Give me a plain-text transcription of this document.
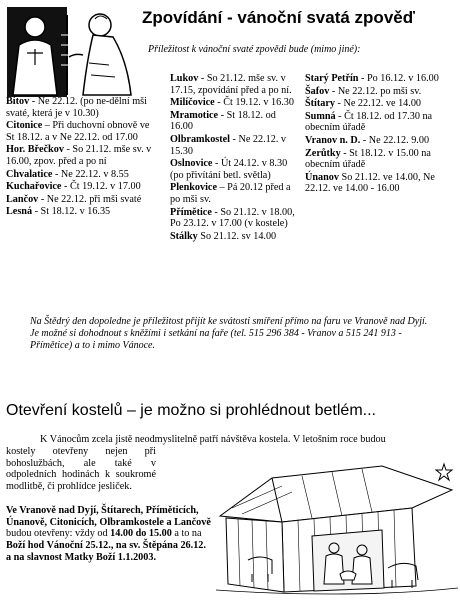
Zpovídání - vánoční svatá zpověď
Příležitost k vánoční svaté zpovědi bude (mimo jiné):
Bítov - Ne 22.12. (po ne-dělní mši svaté, která je v 10.30)
Citonice – Při duchovní obnově ve St 18.12. a v Ne 22.12. od 17.00
Hor. Břečkov - So 21.12. mše sv. v 16.00, zpov. před a po ní
Chvalatice - Ne 22.12. v 8.55
Kuchařovice - Čt 19.12. v 17.00
Lančov - Ne 22.12. při mši svaté
Lesná - St 18.12. v 16.35
Lukov - So 21.12. mše sv. v 17.15, zpovídání před a po ní.
Milíčovice - Čt 19.12. v 16.30
Mramotice - St 18.12. od 16.00
Olbramkostel - Ne 22.12. v 15.30
Oslnovice - Út 24.12. v 8.30 (po přivítání betl. světla)
Plenkovice – Pá 20.12 před a po mši sv.
Přímětice - So 21.12. v 18.00, Po 23.12. v 17.00 (v kostele)
Stálky So 21.12. sv 14.00
Starý Petřín - Po 16.12. v 16.00
Šafov - Ne 22.12. po mši sv.
Štítary - Ne 22.12. ve 14.00
Sumná - Čt 18.12. od 17.30 na obecním úřadě
Vranov n. D. - Ne 22.12. 9.00
Zerůtky - St 18.12. v 15.00 na obecním úřadě
Únanov So 21.12. ve 14.00, Ne 22.12. ve 14.00 - 16.00
Na Štědrý den dopoledne je příležitost přijít ke svátosti smíření přímo na faru ve Vranově nad Dyjí. Je možné si dohodnout s kněžími i setkání na faře (tel. 515 296 384 - Vranov a 515 241 913 - Přímětice) a to i mimo Vánoce.
Otevření kostelů – je možno si prohlédnout betlém...
K Vánocům zcela jistě neodmyslitelně patří návštěva kostela. V letošním roce budou
kostely otevřeny nejen při bohoslužbách, ale také v odpoledních hodinách k soukromé modlitbě, či prohlídce jesliček.
Ve Vranově nad Dyjí, Štítarech, Příměticích, Únanově, Citonicích, Olbramkostele a Lančově budou otevřeny: vždy od 14.00 do 15.00 a to na Boží hod Vánoční 25.12., na sv. Štěpána 26.12. a na slavnost Matky Boží 1.1.2003.
